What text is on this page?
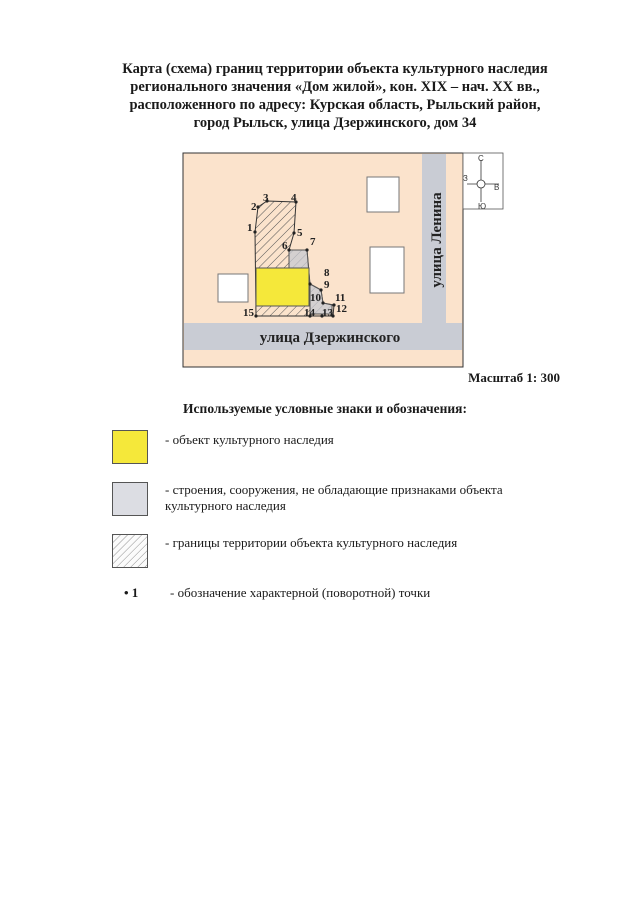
Карта (схема) границ территории объекта культурного наследия
регионального значения «Дом жилой», кон. XIX – нач. XX вв.,
расположенного по адресу: Курская область, Рыльский район,
город Рыльск, улица Дзержинского, дом 34
улица Дзержинского
улица Ленина
1
2
3 4
5
6 7
8
9
10 11
12
13
14
15
С
Ю
З
В
Масштаб 1: 300
Используемые условные знаки и обозначения:
- объект культурного наследия
- строения, сооружения, не обладающие признаками объекта культурного наследия
- границы территории объекта культурного наследия
• 1 - обозначение характерной (поворотной) точки
